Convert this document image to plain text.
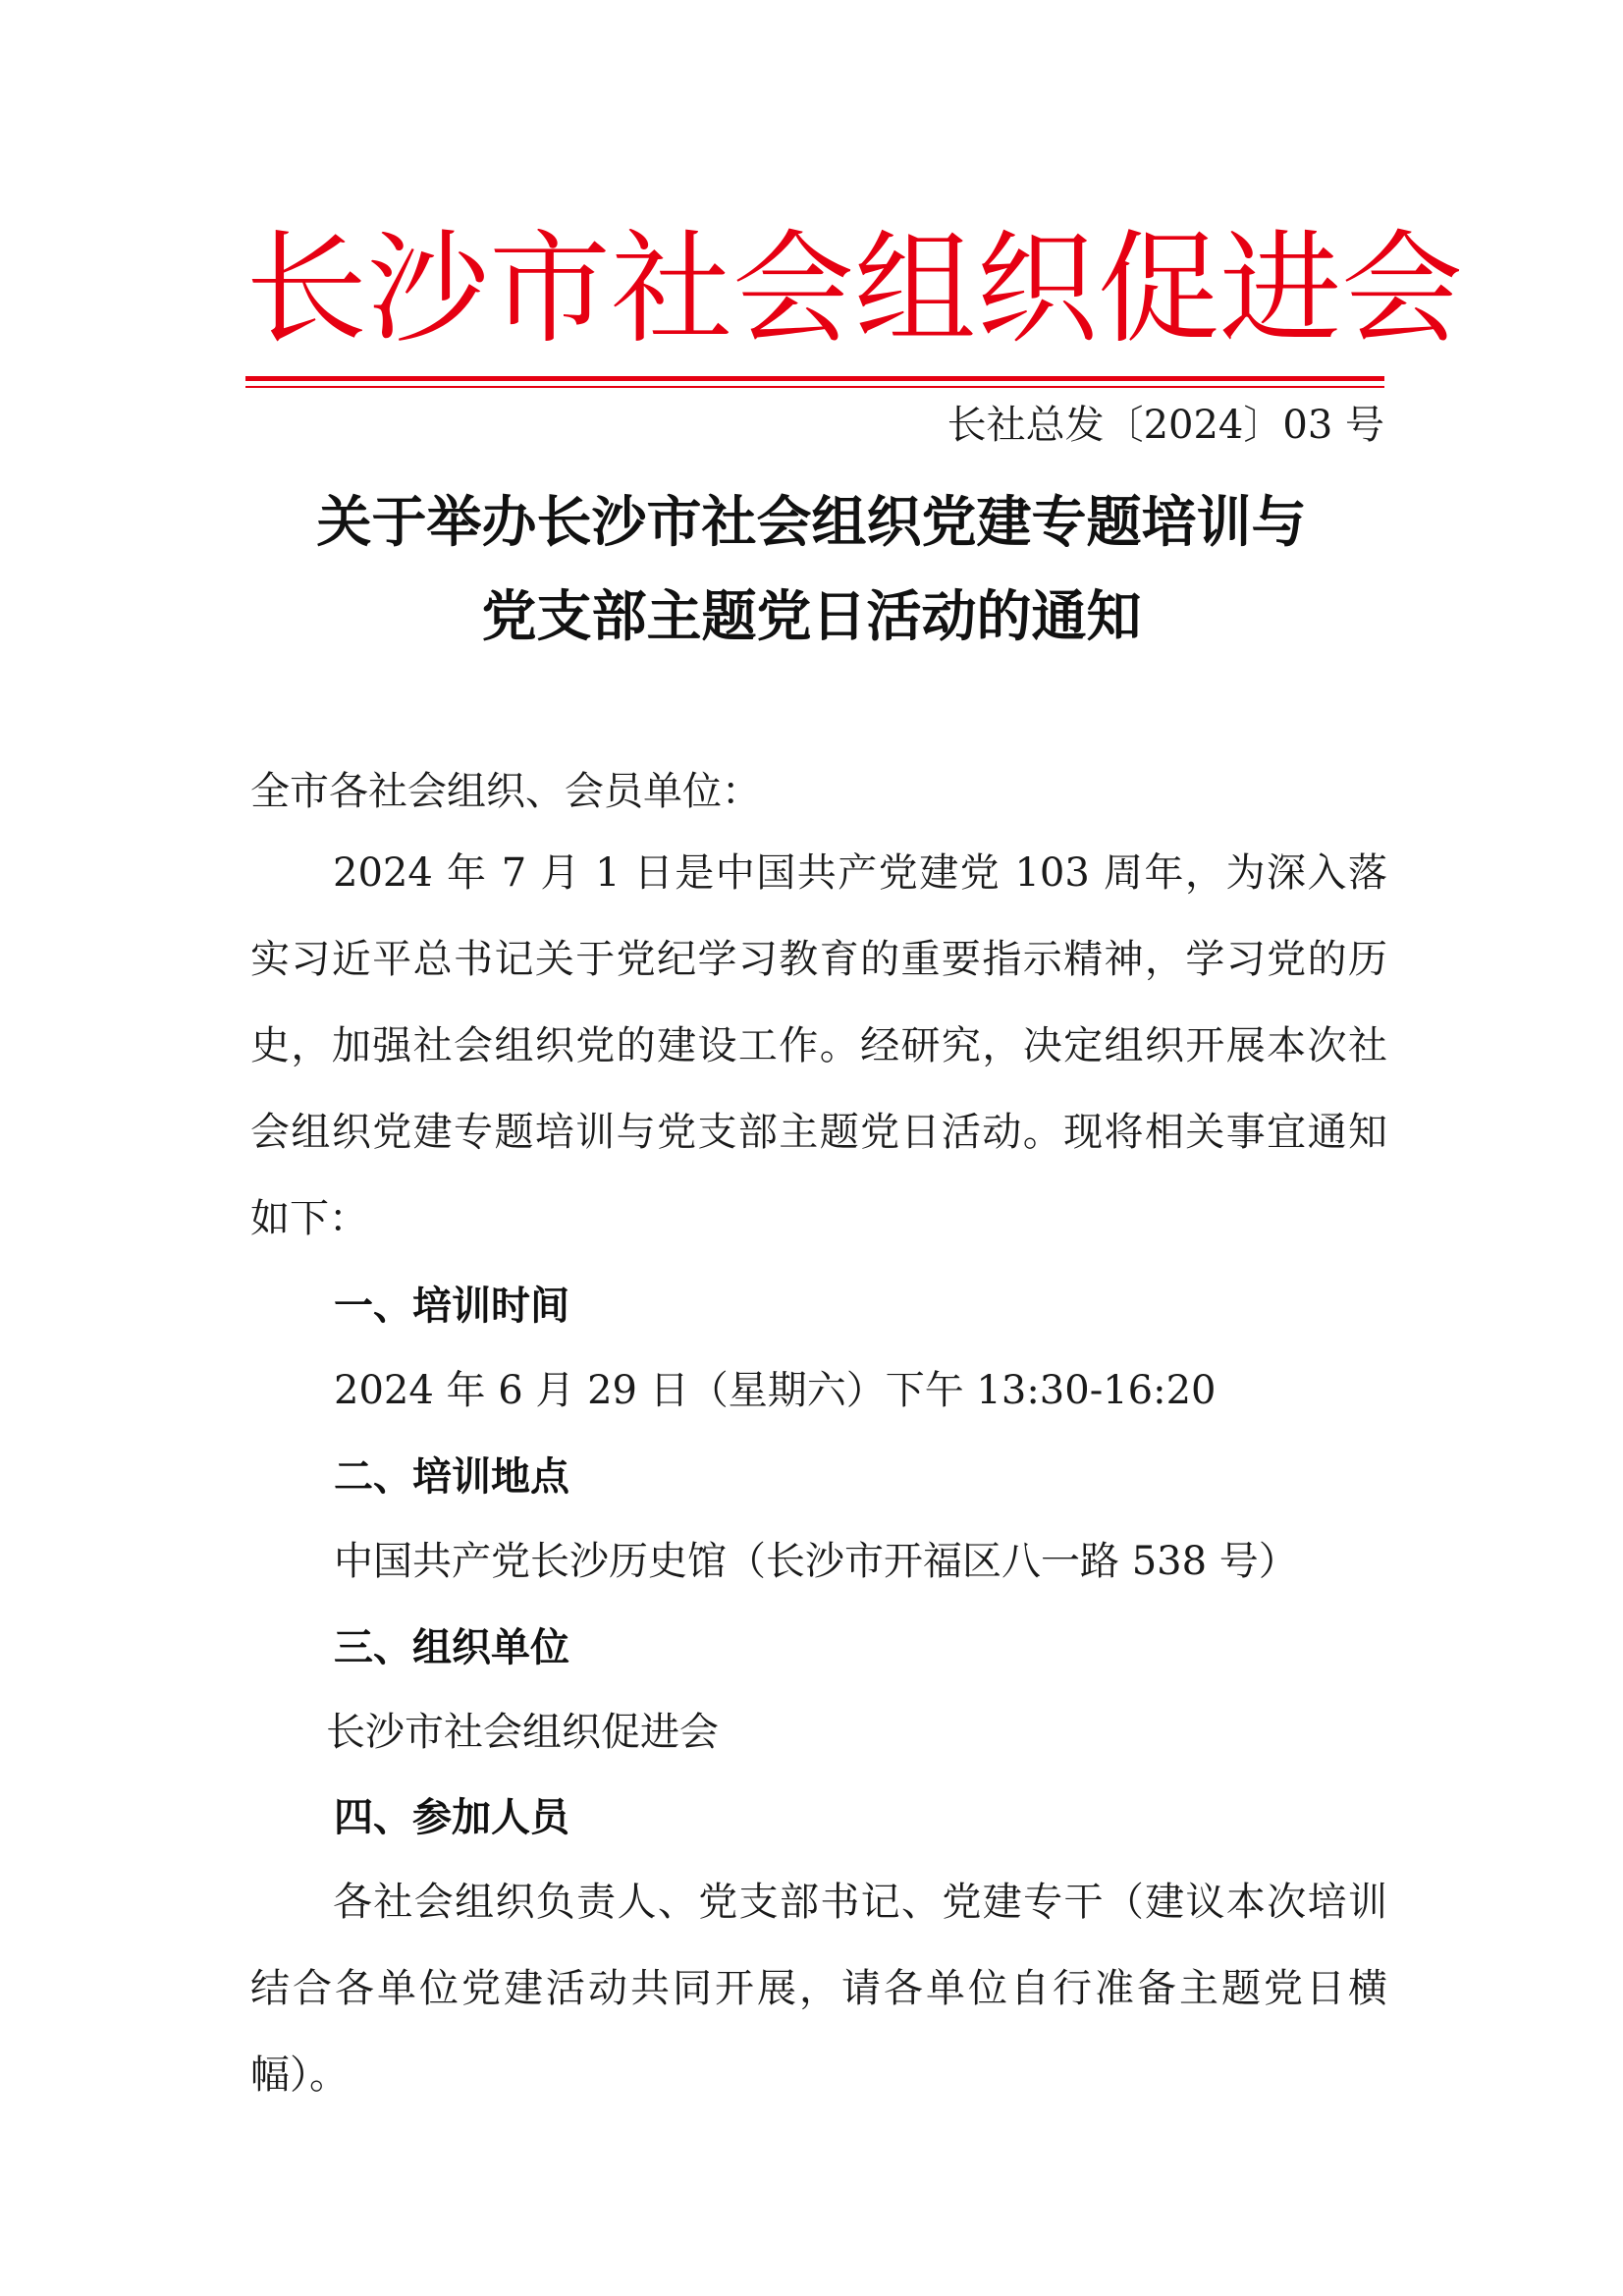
长 沙 市 社 会 组 织 促 进 会
长社总发〔2024〕03 号
关于举办长沙市社会组织党建专题培训与
党支部主题党日活动的通知
全市各社会组织、会员单位：
2024 年 7 月 1 日是中国共产党建党 103 周年，为深入落实习近平总书记关于党纪学习教育的重要指示精神，学习党的历史，加强社会组织党的建设工作。经研究，决定组织开展本次社会组织党建专题培训与党支部主题党日活动。现将相关事宜通知如下：
一、培训时间
2024 年 6 月 29 日（星期六）下午 13:30-16:20
二、培训地点
中国共产党长沙历史馆（长沙市开福区八一路 538 号）
三、组织单位
长沙市社会组织促进会
四、参加人员
各社会组织负责人、党支部书记、党建专干（建议本次培训结合各单位党建活动共同开展，请各单位自行准备主题党日横幅）。
